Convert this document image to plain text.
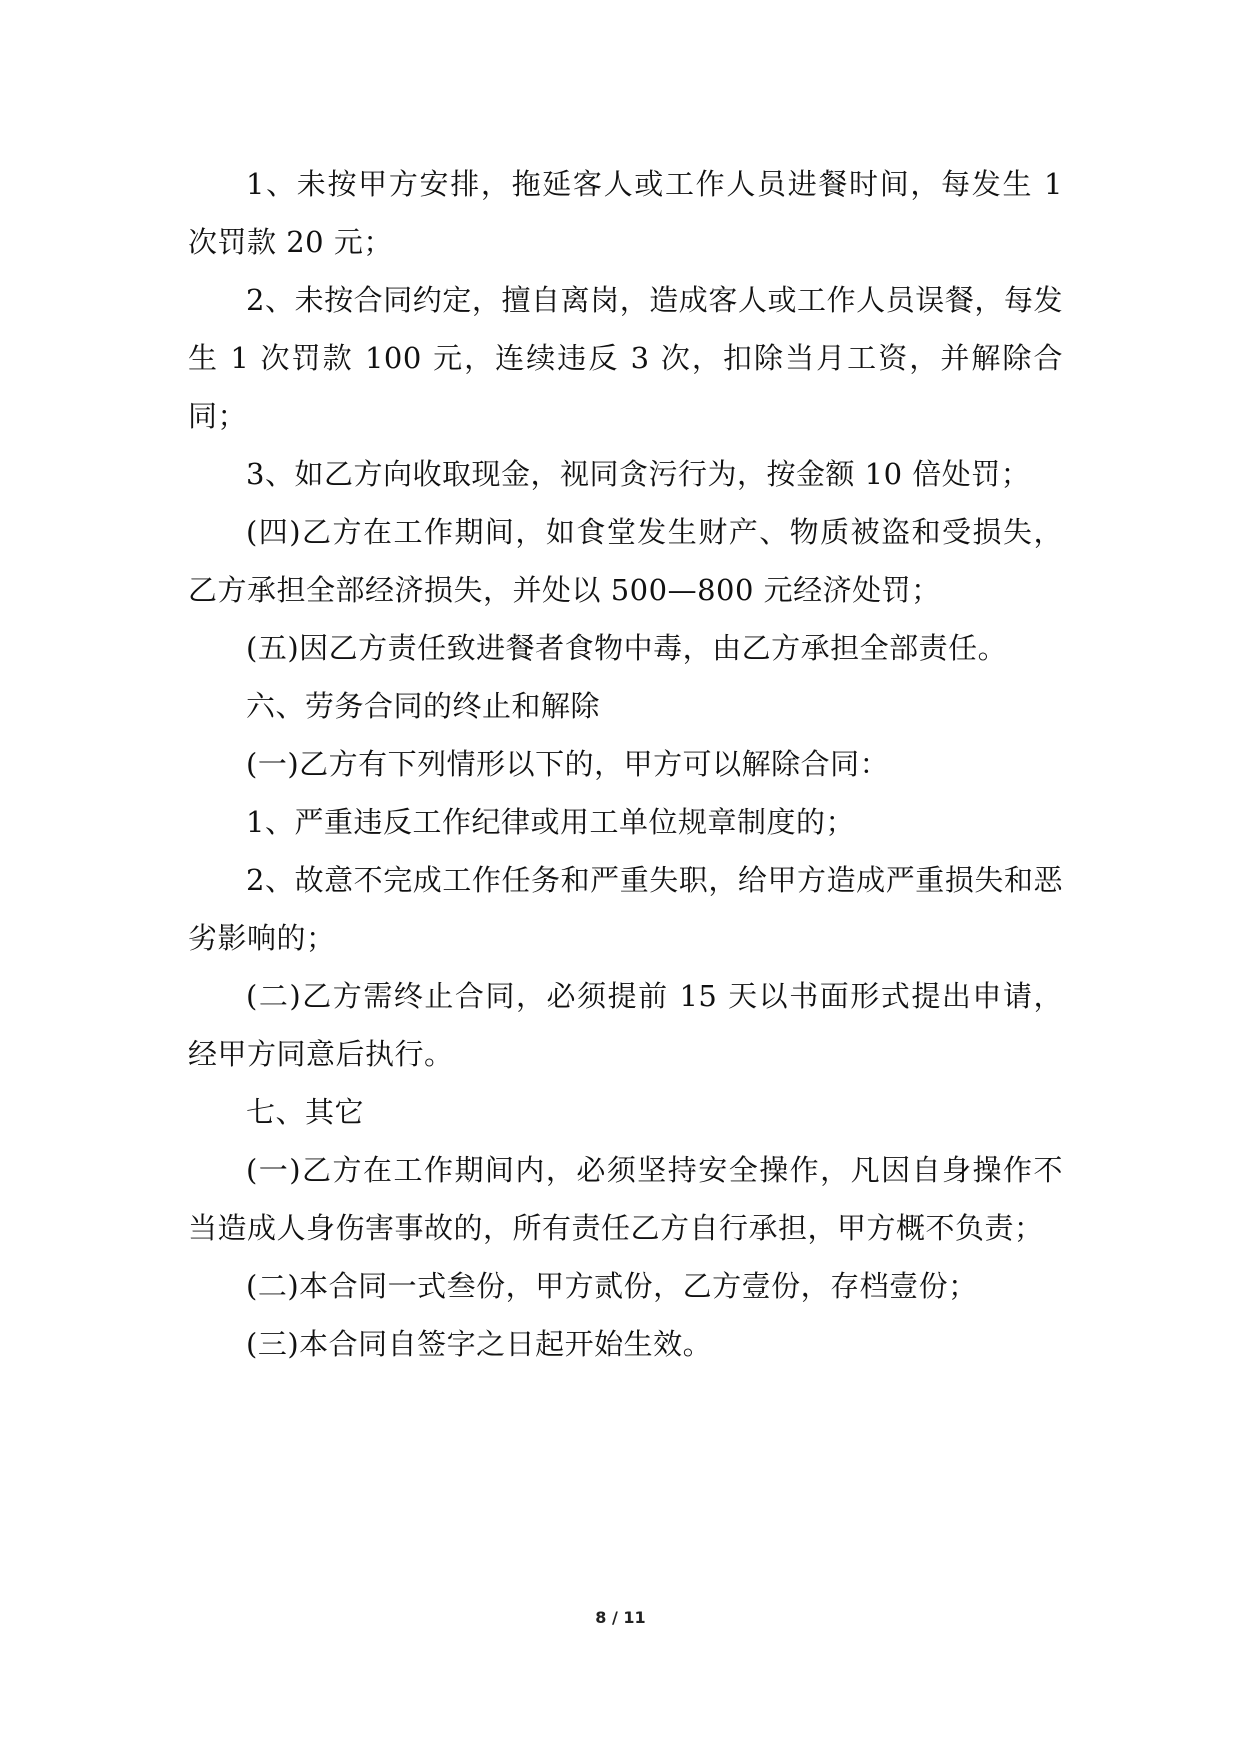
1、未按甲方安排，拖延客人或工作人员进餐时间，每发生 1 次罚款 20 元；

2、未按合同约定，擅自离岗，造成客人或工作人员误餐，每发生 1 次罚款 100 元，连续违反 3 次，扣除当月工资，并解除合同；

3、如乙方向收取现金，视同贪污行为，按金额 10 倍处罚；

(四)乙方在工作期间，如食堂发生财产、物质被盗和受损失，乙方承担全部经济损失，并处以 500—800 元经济处罚；

(五)因乙方责任致进餐者食物中毒，由乙方承担全部责任。

六、劳务合同的终止和解除

(一)乙方有下列情形以下的，甲方可以解除合同：

1、严重违反工作纪律或用工单位规章制度的；

2、故意不完成工作任务和严重失职，给甲方造成严重损失和恶劣影响的；

(二)乙方需终止合同，必须提前 15 天以书面形式提出申请，经甲方同意后执行。

七、其它

(一)乙方在工作期间内，必须坚持安全操作，凡因自身操作不当造成人身伤害事故的，所有责任乙方自行承担，甲方概不负责；

(二)本合同一式叁份，甲方贰份，乙方壹份，存档壹份；

(三)本合同自签字之日起开始生效。

8 / 11
